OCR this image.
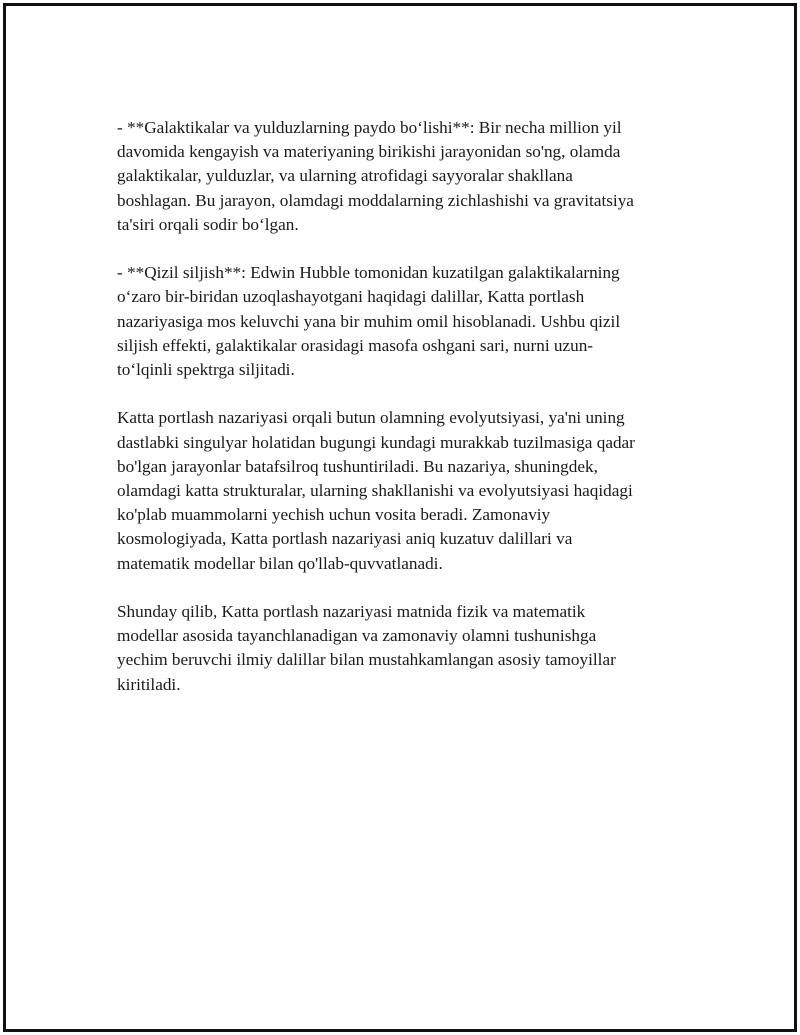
- **Galaktikalar va yulduzlarning paydo boʻlishi**: Bir necha million yil
davomida kengayish va materiyaning birikishi jarayonidan so'ng, olamda
galaktikalar, yulduzlar, va ularning atrofidagi sayyoralar shakllana
boshlagan. Bu jarayon, olamdagi moddalarning zichlashishi va gravitatsiya
ta'siri orqali sodir boʻlgan.

- **Qizil siljish**: Edwin Hubble tomonidan kuzatilgan galaktikalarning
oʻzaro bir-biridan uzoqlashayotgani haqidagi dalillar, Katta portlash
nazariyasiga mos keluvchi yana bir muhim omil hisoblanadi. Ushbu qizil
siljish effekti, galaktikalar orasidagi masofa oshgani sari, nurni uzun-
toʻlqinli spektrga siljitadi.

Katta portlash nazariyasi orqali butun olamning evolyutsiyasi, ya'ni uning
dastlabki singulyar holatidan bugungi kundagi murakkab tuzilmasiga qadar
bo'lgan jarayonlar batafsilroq tushuntiriladi. Bu nazariya, shuningdek,
olamdagi katta strukturalar, ularning shakllanishi va evolyutsiyasi haqidagi
ko'plab muammolarni yechish uchun vosita beradi. Zamonaviy
kosmologiyada, Katta portlash nazariyasi aniq kuzatuv dalillari va
matematik modellar bilan qo'llab-quvvatlanadi.

Shunday qilib, Katta portlash nazariyasi matnida fizik va matematik
modellar asosida tayanchlanadigan va zamonaviy olamni tushunishga
yechim beruvchi ilmiy dalillar bilan mustahkamlangan asosiy tamoyillar
kiritiladi.
